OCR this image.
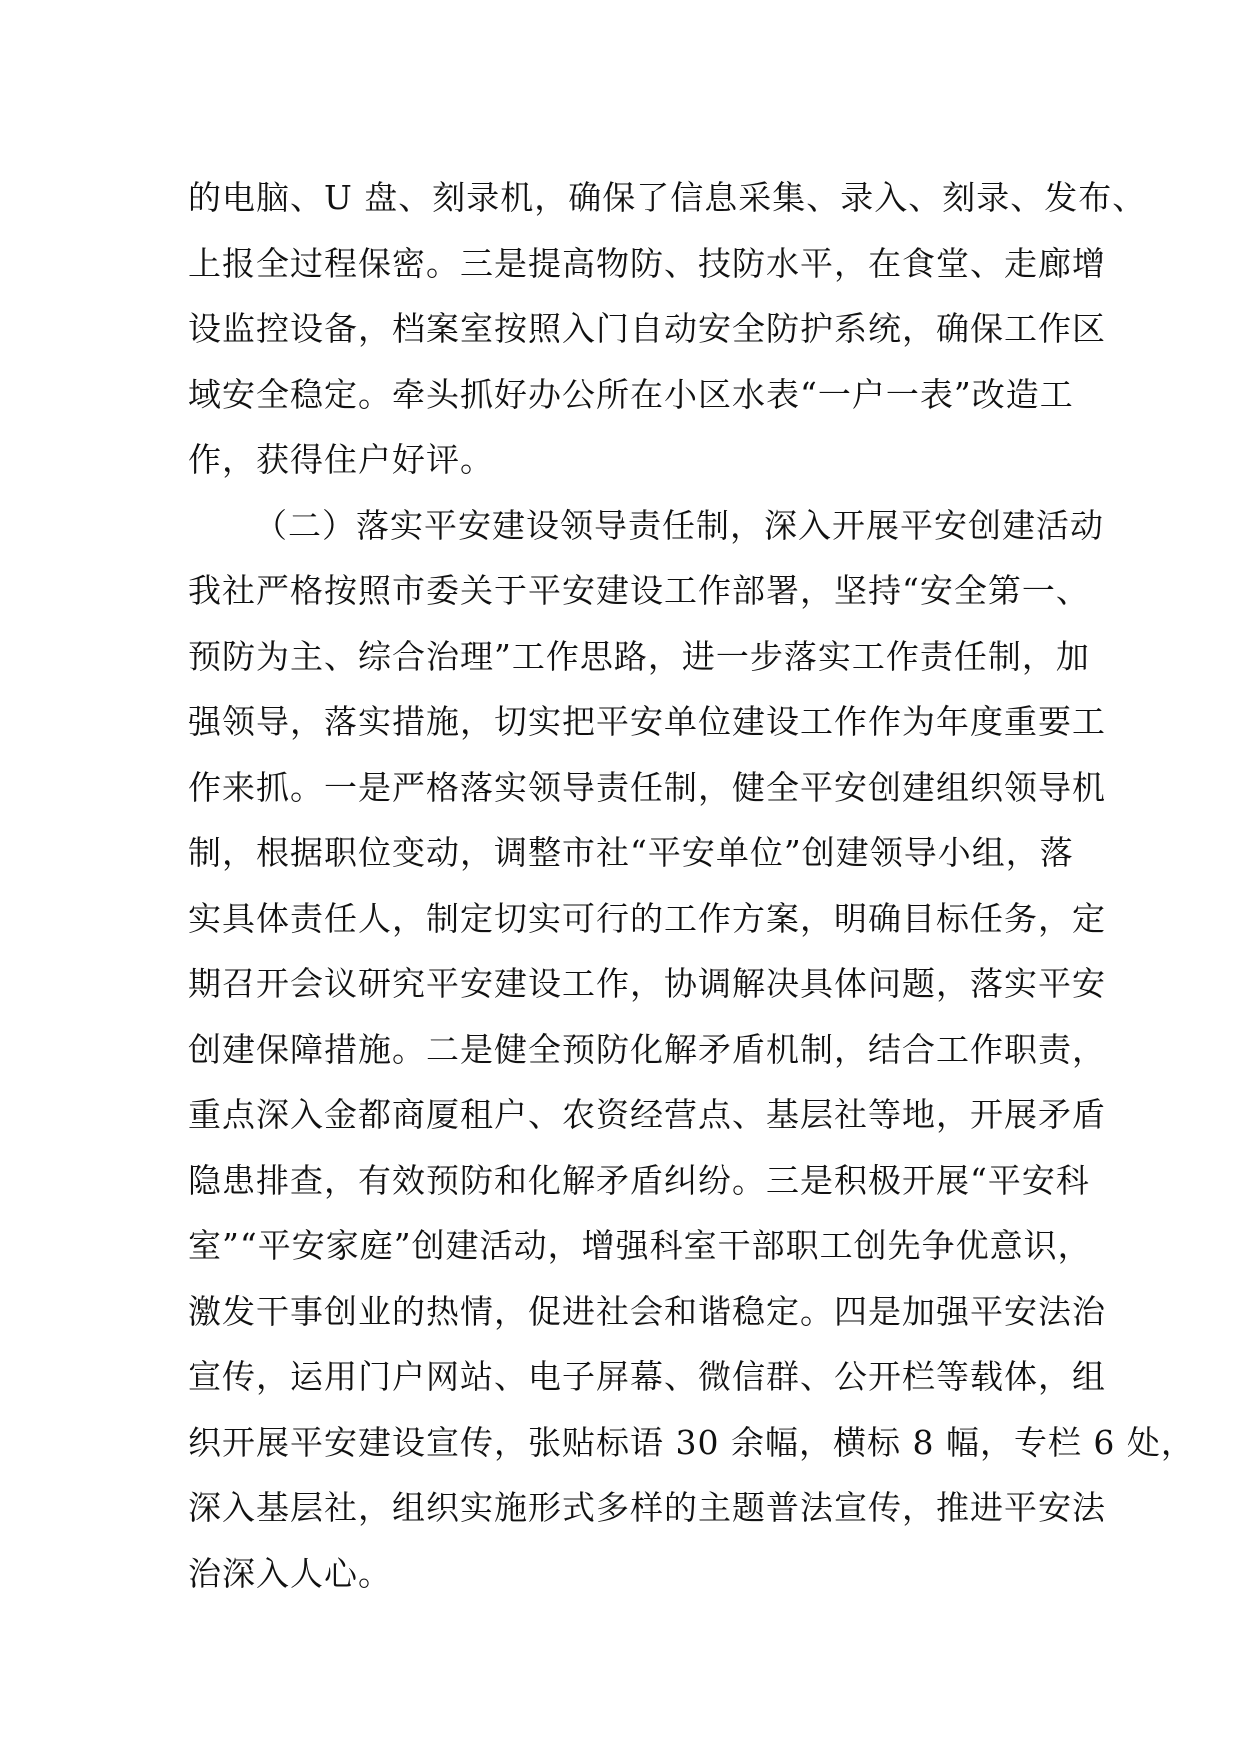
的电脑、U 盘、刻录机，确保了信息采集、录入、刻录、发布、
上报全过程保密。三是提高物防、技防水平，在食堂、走廊增
设监控设备，档案室按照入门自动安全防护系统，确保工作区
域安全稳定。牵头抓好办公所在小区水表“一户一表”改造工
作，获得住户好评。
（二）落实平安建设领导责任制，深入开展平安创建活动
我社严格按照市委关于平安建设工作部署，坚持“安全第一、
预防为主、综合治理”工作思路，进一步落实工作责任制，加
强领导，落实措施，切实把平安单位建设工作作为年度重要工
作来抓。一是严格落实领导责任制，健全平安创建组织领导机
制，根据职位变动，调整市社“平安单位”创建领导小组，落
实具体责任人，制定切实可行的工作方案，明确目标任务，定
期召开会议研究平安建设工作，协调解决具体问题，落实平安
创建保障措施。二是健全预防化解矛盾机制，结合工作职责，
重点深入金都商厦租户、农资经营点、基层社等地，开展矛盾
隐患排查，有效预防和化解矛盾纠纷。三是积极开展“平安科
室”“平安家庭”创建活动，增强科室干部职工创先争优意识，
激发干事创业的热情，促进社会和谐稳定。四是加强平安法治
宣传，运用门户网站、电子屏幕、微信群、公开栏等载体，组
织开展平安建设宣传，张贴标语 30 余幅，横标 8 幅，专栏 6 处，
深入基层社，组织实施形式多样的主题普法宣传，推进平安法
治深入人心。
